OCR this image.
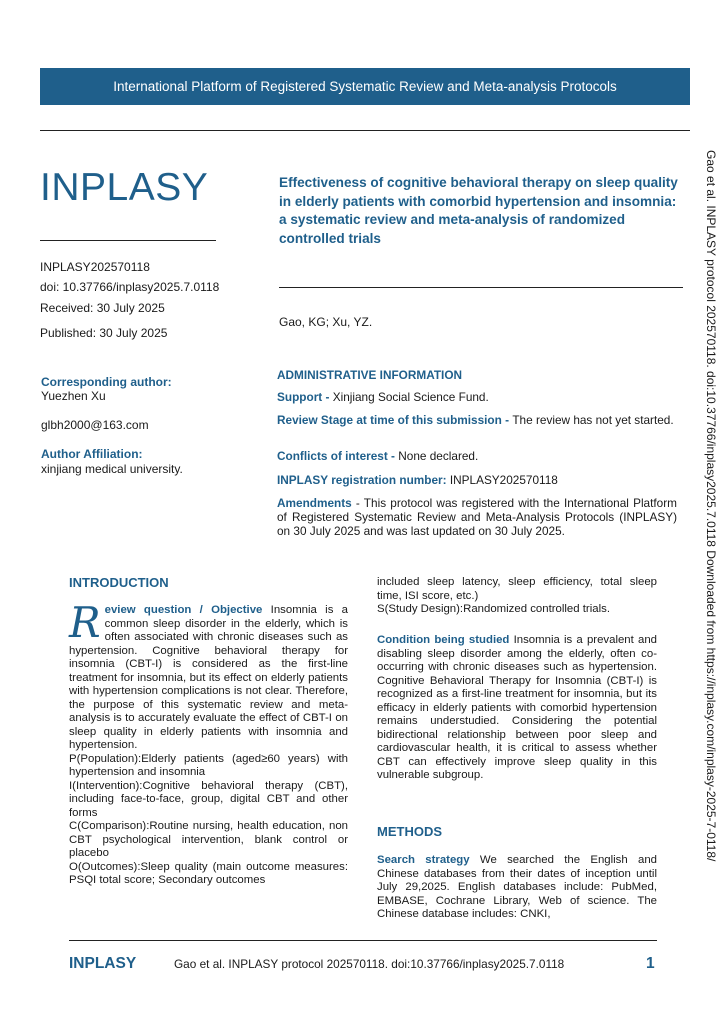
International Platform of Registered Systematic Review and Meta-analysis Protocols
INPLASY	Effectiveness of cognitive behavioral therapy on sleep quality in elderly patients with comorbid hypertension and insomnia: a systematic review and meta-analysis of randomized controlled trials
INPLASY202570118
doi: 10.37766/inplasy2025.7.0118
Received: 30 July 2025
Published: 30 July 2025
Corresponding author:
Yuezhen Xu
glbh2000@163.com
Author Affiliation:
xinjiang medical university.
Gao, KG; Xu, YZ.
ADMINISTRATIVE INFORMATION
Support - Xinjiang Social Science Fund.
Review Stage at time of this submission - The review has not yet started.
Conflicts of interest - None declared.
INPLASY registration number: INPLASY202570118
Amendments - This protocol was registered with the International Platform of Registered Systematic Review and Meta-Analysis Protocols (INPLASY) on 30 July 2025 and was last updated on 30 July 2025.
INTRODUCTION

Review question / Objective Insomnia is a common sleep disorder in the elderly, which is often associated with chronic diseases such as hypertension. Cognitive behavioral therapy for insomnia (CBT-I) is considered as the first-line treatment for insomnia, but its effect on elderly patients with hypertension complications is not clear. Therefore, the purpose of this systematic review and meta-analysis is to accurately evaluate the effect of CBT-I on sleep quality in elderly patients with insomnia and hypertension.

P(Population):Elderly patients (aged≥60 years) with hypertension and insomnia

I(Intervention):Cognitive behavioral therapy (CBT), including face-to-face, group, digital CBT and other forms

C(Comparison):Routine nursing, health education, non CBT psychological intervention, blank control or placebo

O(Outcomes):Sleep quality (main outcome measures: PSQI total score; Secondary outcomes

included sleep latency, sleep efficiency, total sleep time, ISI score, etc.)

S(Study Design):Randomized controlled trials.

Condition being studied Insomnia is a prevalent and disabling sleep disorder among the elderly, often co-occurring with chronic diseases such as hypertension. Cognitive Behavioral Therapy for Insomnia (CBT-I) is recognized as a first-line treatment for insomnia, but its efficacy in elderly patients with comorbid hypertension remains understudied. Considering the potential bidirectional relationship between poor sleep and cardiovascular health, it is critical to assess whether CBT can effectively improve sleep quality in this vulnerable subgroup.

METHODS

Search strategy We searched the English and Chinese databases from their dates of inception until July 29,2025. English databases include: PubMed, EMBASE, Cochrane Library, Web of science. The Chinese database includes: CNKI,

Gao et al. INPLASY protocol 202570118. doi:10.37766/inplasy2025.7.0118 Downloaded from https://inplasy.com/inplasy-2025-7-0118/
INPLASY	Gao et al. INPLASY protocol 202570118. doi:10.37766/inplasy2025.7.0118	1
